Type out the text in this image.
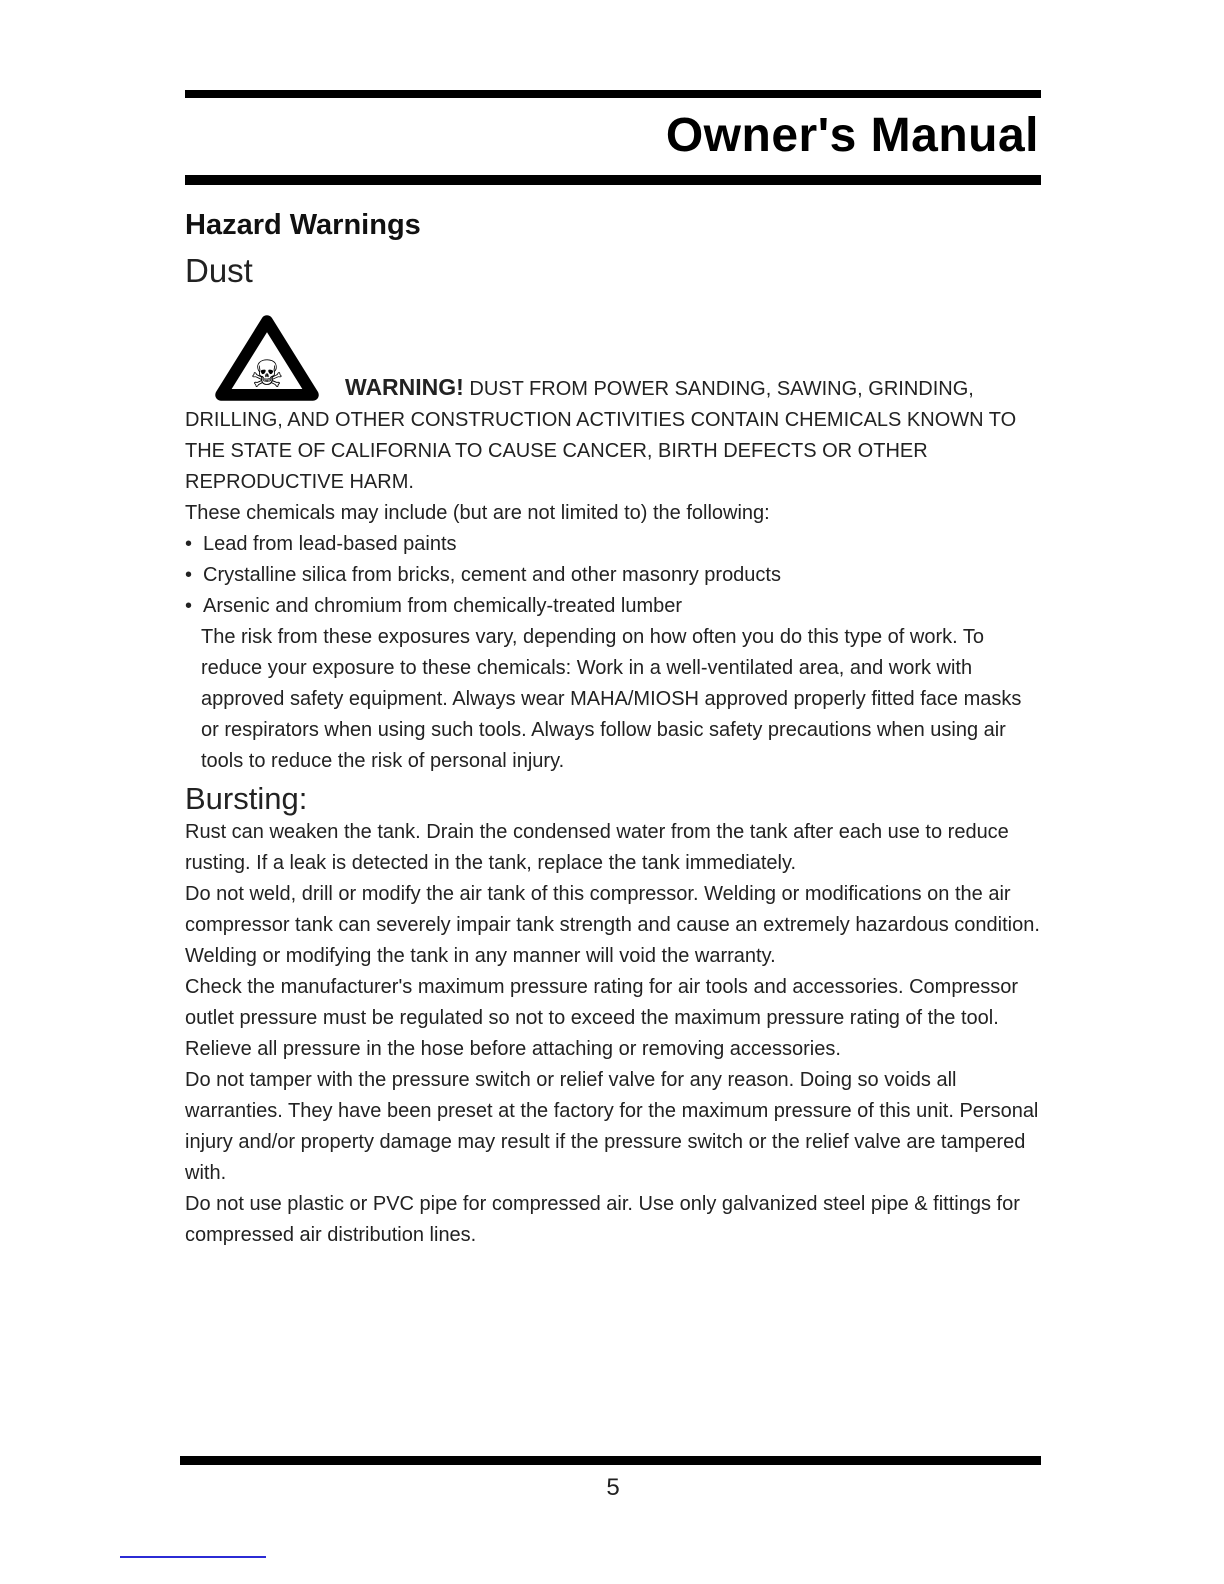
Owner's Manual
Hazard Warnings
Dust
☠	WARNING! DUST FROM POWER SANDING, SAWING, GRINDING, DRILLING, AND OTHER CONSTRUCTION ACTIVITIES CONTAIN CHEMICALS KNOWN TO THE STATE OF CALIFORNIA TO CAUSE CANCER, BIRTH DEFECTS OR OTHER REPRODUCTIVE HARM.

These chemicals may include (but are not limited to) the following:

• Lead from lead-based paints
• Crystalline silica from bricks, cement and other masonry products
• Arsenic and chromium from chemically-treated lumber

The risk from these exposures vary, depending on how often you do this type of work. To reduce your exposure to these chemicals: Work in a well-ventilated area, and work with approved safety equipment. Always wear MAHA/MIOSH approved properly fitted face masks or respirators when using such tools. Always follow basic safety precautions when using air tools to reduce the risk of personal injury.

Bursting:

Rust can weaken the tank. Drain the condensed water from the tank after each use to reduce rusting. If a leak is detected in the tank, replace the tank immediately.

Do not weld, drill or modify the air tank of this compressor. Welding or modifications on the air compressor tank can severely impair tank strength and cause an extremely hazardous condition. Welding or modifying the tank in any manner will void the warranty.

Check the manufacturer's maximum pressure rating for air tools and accessories. Compressor outlet pressure must be regulated so not to exceed the maximum pressure rating of the tool. Relieve all pressure in the hose before attaching or removing accessories.

Do not tamper with the pressure switch or relief valve for any reason. Doing so voids all warranties. They have been preset at the factory for the maximum pressure of this unit. Personal injury and/or property damage may result if the pressure switch or the relief valve are tampered with.

Do not use plastic or PVC pipe for compressed air. Use only galvanized steel pipe & fittings for compressed air distribution lines.

5
